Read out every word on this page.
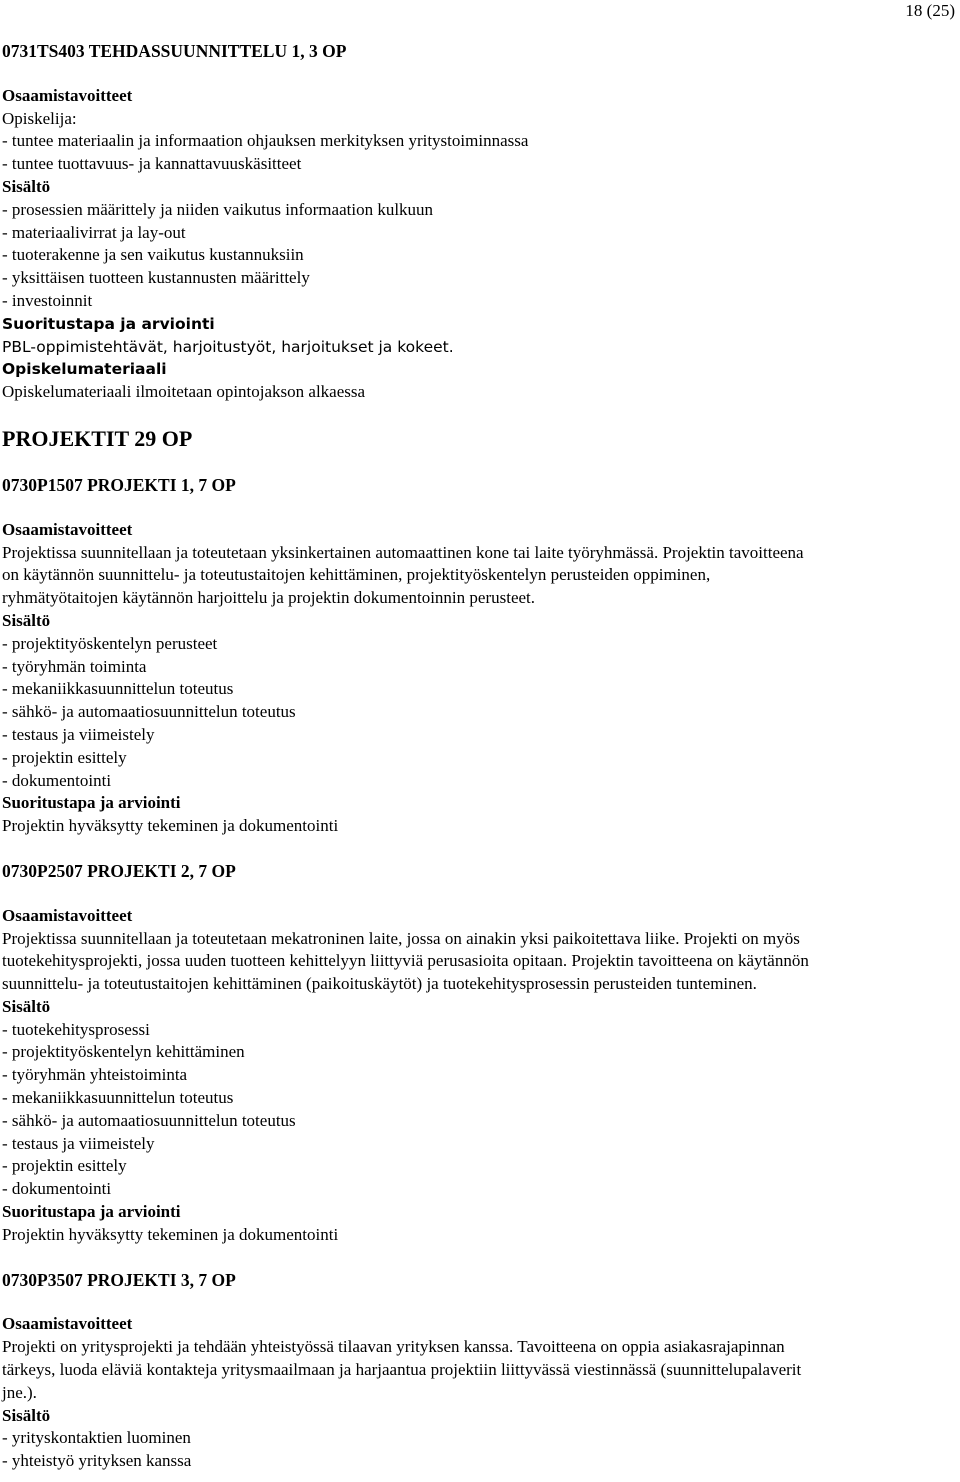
18 (25)

0731TS403 TEHDASSUUNNITTELU 1, 3 OP

Osaamistavoitteet

Opiskelija:

- tuntee materiaalin ja informaation ohjauksen merkityksen yritystoiminnassa

- tuntee tuottavuus- ja kannattavuuskäsitteet

Sisältö

- prosessien määrittely ja niiden vaikutus informaation kulkuun

- materiaalivirrat ja lay-out

- tuoterakenne ja sen vaikutus kustannuksiin

- yksittäisen tuotteen kustannusten määrittely

- investoinnit

Suoritustapa ja arviointi

PBL-oppimistehtävät, harjoitustyöt, harjoitukset ja kokeet.

Opiskelumateriaali

Opiskelumateriaali ilmoitetaan opintojakson alkaessa

PROJEKTIT 29 OP

0730P1507 PROJEKTI 1, 7 OP

Osaamistavoitteet

Projektissa suunnitellaan ja toteutetaan yksinkertainen automaattinen kone tai laite työryhmässä. Projektin tavoitteena

on käytännön suunnittelu- ja toteutustaitojen kehittäminen, projektityöskentelyn perusteiden oppiminen,

ryhmätyötaitojen käytännön harjoittelu ja projektin dokumentoinnin perusteet.

Sisältö

- projektityöskentelyn perusteet

- työryhmän toiminta

- mekaniikkasuunnittelun toteutus

- sähkö- ja automaatiosuunnittelun toteutus

- testaus ja viimeistely

- projektin esittely

- dokumentointi

Suoritustapa ja arviointi

Projektin hyväksytty tekeminen ja dokumentointi

0730P2507 PROJEKTI 2, 7 OP

Osaamistavoitteet

Projektissa suunnitellaan ja toteutetaan mekatroninen laite, jossa on ainakin yksi paikoitettava liike. Projekti on myös

tuotekehitysprojekti, jossa uuden tuotteen kehittelyyn liittyviä perusasioita opitaan. Projektin tavoitteena on käytännön

suunnittelu- ja toteutustaitojen kehittäminen (paikoituskäytöt) ja tuotekehitysprosessin perusteiden tunteminen.

Sisältö

- tuotekehitysprosessi

- projektityöskentelyn kehittäminen

- työryhmän yhteistoiminta

- mekaniikkasuunnittelun toteutus

- sähkö- ja automaatiosuunnittelun toteutus

- testaus ja viimeistely

- projektin esittely

- dokumentointi

Suoritustapa ja arviointi

Projektin hyväksytty tekeminen ja dokumentointi

0730P3507 PROJEKTI 3, 7 OP

Osaamistavoitteet

Projekti on yritysprojekti ja tehdään yhteistyössä tilaavan yrityksen kanssa. Tavoitteena on oppia asiakasrajapinnan

tärkeys, luoda eläviä kontakteja yritysmaailmaan ja harjaantua projektiin liittyvässä viestinnässä (suunnittelupalaverit

jne.).

Sisältö

- yrityskontaktien luominen

- yhteistyö yrityksen kanssa
